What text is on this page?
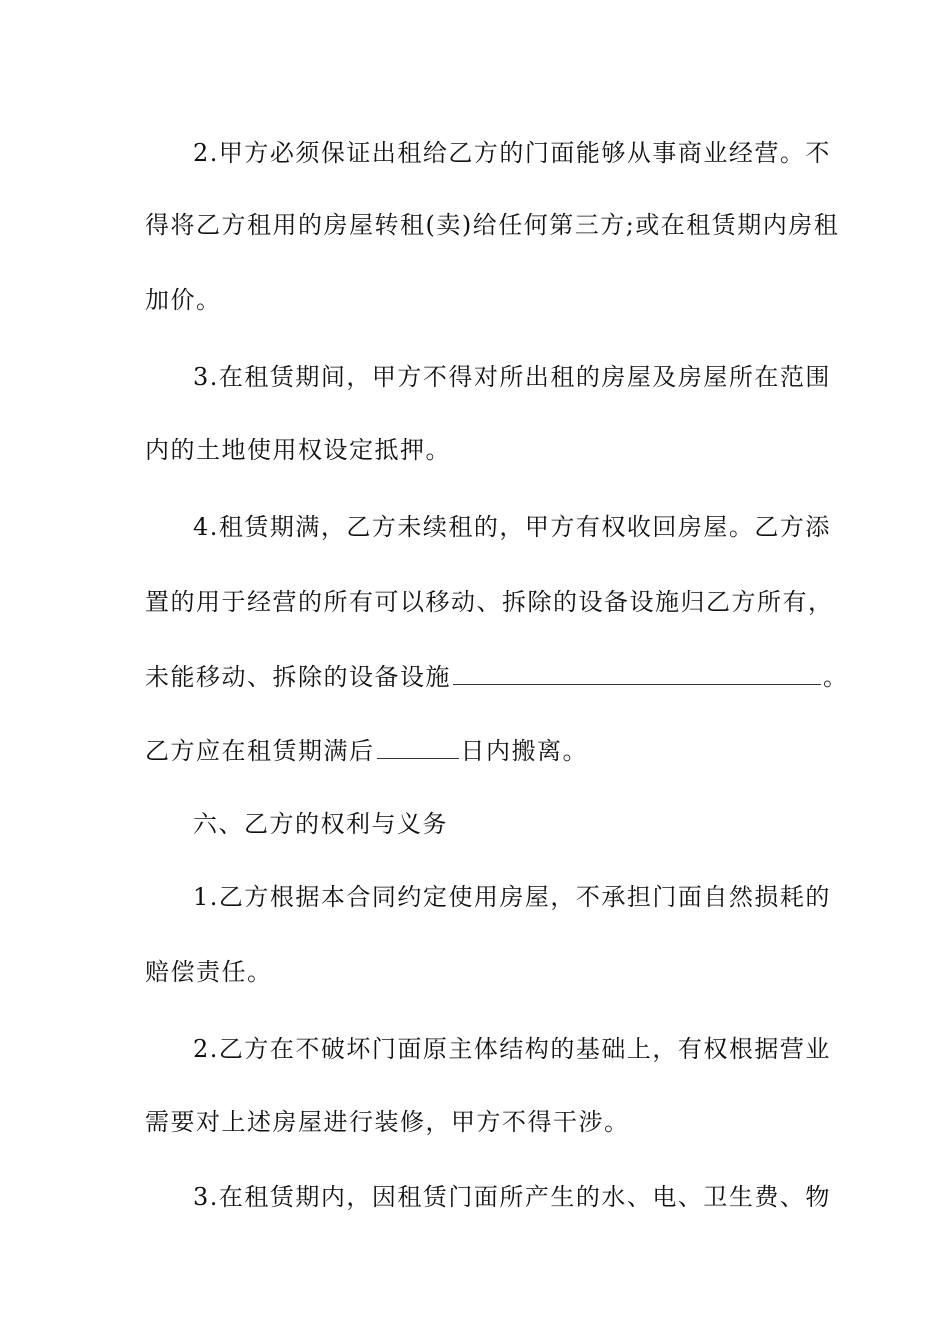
2.甲方必须保证出租给乙方的门面能够从事商业经营。不
得将乙方租用的房屋转租(卖)给任何第三方;或在租赁期内房租
加价。
3.在租赁期间，甲方不得对所出租的房屋及房屋所在范围
内的土地使用权设定抵押。
4.租赁期满，乙方未续租的，甲方有权收回房屋。乙方添
置的用于经营的所有可以移动、拆除的设备设施归乙方所有，
未能移动、拆除的设备设施	。
乙方应在租赁期满后	日内搬离。
六、乙方的权利与义务
1.乙方根据本合同约定使用房屋，不承担门面自然损耗的
赔偿责任。
2.乙方在不破坏门面原主体结构的基础上，有权根据营业
需要对上述房屋进行装修，甲方不得干涉。
3.在租赁期内，因租赁门面所产生的水、电、卫生费、物
